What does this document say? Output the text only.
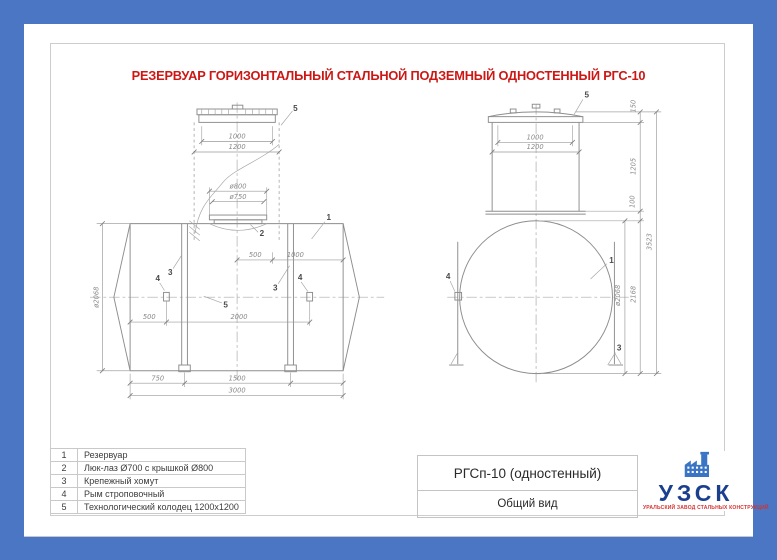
РЕЗЕРВУАР ГОРИЗОНТАЛЬНЫЙ СТАЛЬНОЙ ПОДЗЕМНЫЙ ОДНОСТЕННЫЙ РГС-10
1000
1200
ø800
ø750
500	1000
ø2068
500	2000
750	1500
3000
5
1
2
3
4
5
3
4
1000
1200
ø2068
150
1205
100
2168
3523
5
1
4
3
1	Резервуар
2	Люк-лаз Ø700 с крышкой Ø800
3	Крепежный хомут
4	Рым строповочный
5	Технологический колодец 1200x1200
РГСп-10 (одностенный)
Общий вид	УЗСК
УРАЛЬСКИЙ ЗАВОД СТАЛЬНЫХ КОНСТРУКЦИЙ
